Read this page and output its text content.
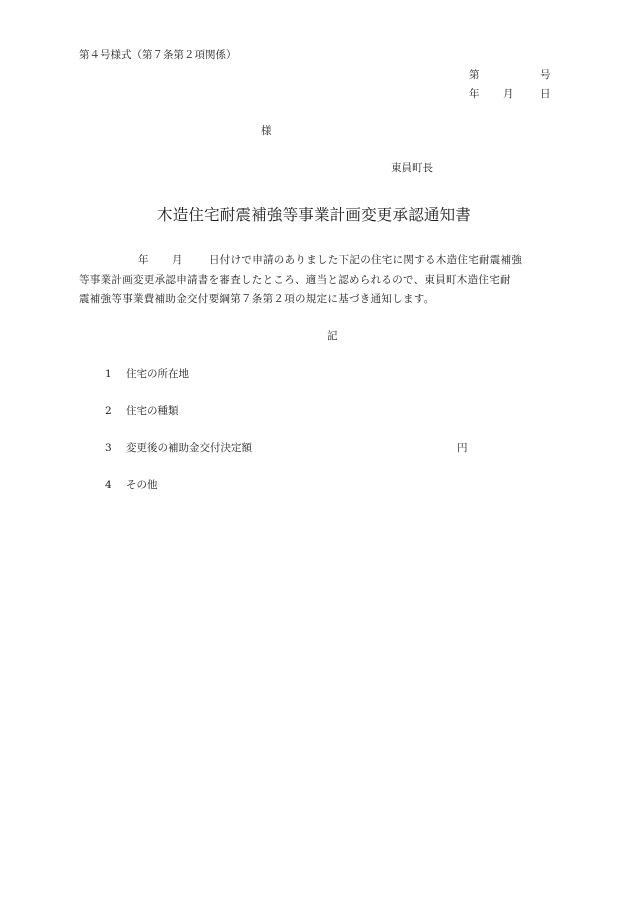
第４号様式（第７条第２項関係）
第	号
年 月	日
様
東員町長
木造住宅耐震補強等事業計画変更承認通知書

年 月 日付けで申請のありました下記の住宅に関する木造住宅耐震補強

等事業計画変更承認申請書を審査したところ、適当と認められるので、東員町木造住宅耐

震補強等事業費補助金交付要綱第７条第２項の規定に基づき通知します。

記
1 住宅の所在地
2 住宅の種類
3 変更後の補助金交付決定額	円
4 その他
